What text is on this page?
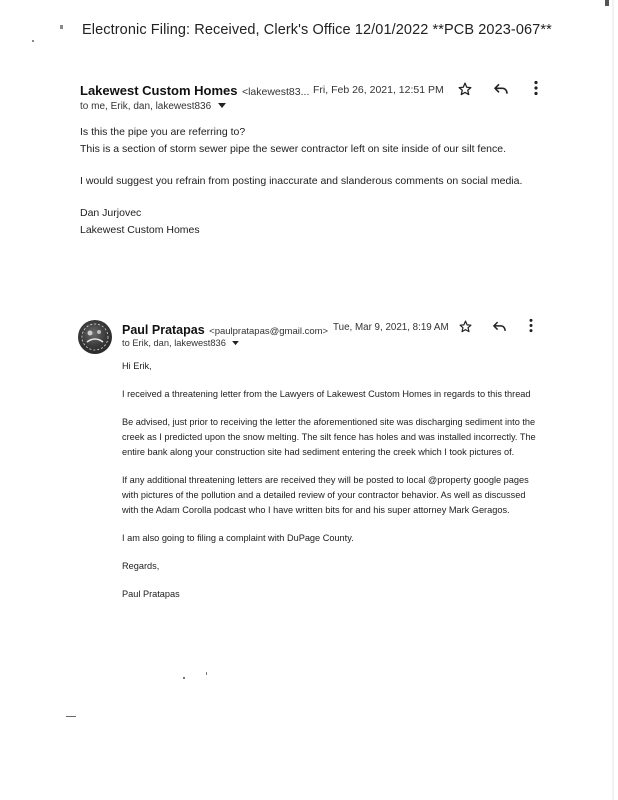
Electronic Filing: Received, Clerk's Office 12/01/2022 **PCB 2023-067**
Lakewest Custom Homes <lakewest83... Fri, Feb 26, 2021, 12:51 PM
to me, Erik, dan, lakewest836

Is this the pipe you are referring to?
This is a section of storm sewer pipe the sewer contractor left on site inside of our silt fence.

I would suggest you refrain from posting inaccurate and slanderous comments on social media.

Dan Jurjovec
Lakewest Custom Homes
Paul Pratapas <paulpratapas@gmail.com> Tue, Mar 9, 2021, 8:19 AM
to Erik, dan, lakewest836

Hi Erik,

I received a threatening letter from the Lawyers of Lakewest Custom Homes in regards to this thread

Be advised, just prior to receiving the letter the aforementioned site was discharging sediment into the creek as I predicted upon the snow melting. The silt fence has holes and was installed incorrectly. The entire bank along your construction site had sediment entering the creek which I took pictures of.

If any additional threatening letters are received they will be posted to local @property google pages with pictures of the pollution and a detailed review of your contractor behavior. As well as discussed with the Adam Corolla podcast who I have written bits for and his super attorney Mark Geragos.

I am also going to filing a complaint with DuPage County.

Regards,

Paul Pratapas
